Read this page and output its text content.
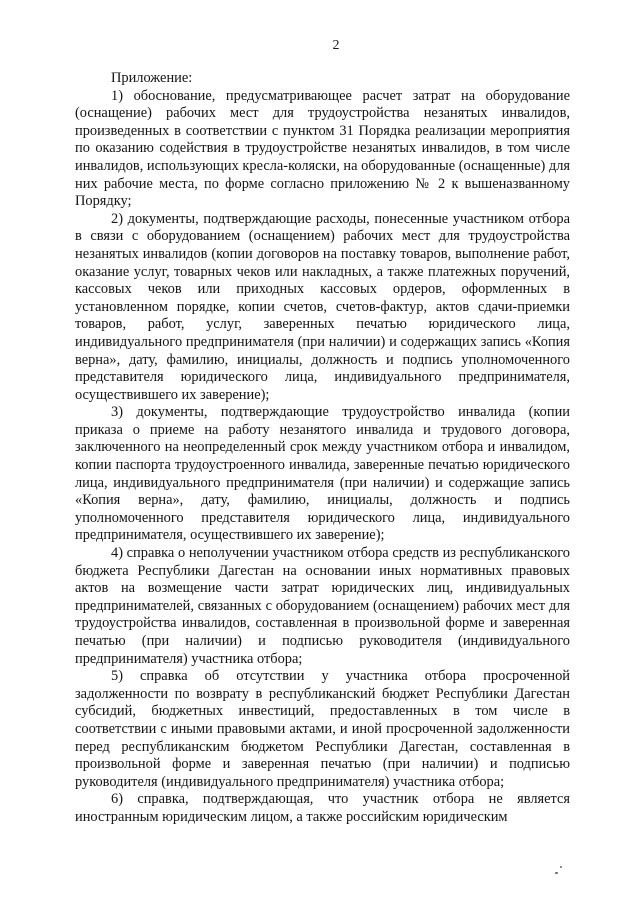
2

Приложение:

1) обоснование, предусматривающее расчет затрат на оборудование (оснащение) рабочих мест для трудоустройства незанятых инвалидов, произведенных в соответствии с пунктом 31 Порядка реализации мероприятия по оказанию содействия в трудоустройстве незанятых инвалидов, в том числе инвалидов, использующих кресла-коляски, на оборудованные (оснащенные) для них рабочие места, по форме согласно приложению № 2 к вышеназванному Порядку;

2) документы, подтверждающие расходы, понесенные участником отбора в связи с оборудованием (оснащением) рабочих мест для трудоустройства незанятых инвалидов (копии договоров на поставку товаров, выполнение работ, оказание услуг, товарных чеков или накладных, а также платежных поручений, кассовых чеков или приходных кассовых ордеров, оформленных в установленном порядке, копии счетов, счетов-фактур, актов сдачи-приемки товаров, работ, услуг, заверенных печатью юридического лица, индивидуального предпринимателя (при наличии) и содержащих запись «Копия верна», дату, фамилию, инициалы, должность и подпись уполномоченного представителя юридического лица, индивидуального предпринимателя, осуществившего их заверение);

3) документы, подтверждающие трудоустройство инвалида (копии приказа о приеме на работу незанятого инвалида и трудового договора, заключенного на неопределенный срок между участником отбора и инвалидом, копии паспорта трудоустроенного инвалида, заверенные печатью юридического лица, индивидуального предпринимателя (при наличии) и содержащие запись «Копия верна», дату, фамилию, инициалы, должность и подпись уполномоченного представителя юридического лица, индивидуального предпринимателя, осуществившего их заверение);

4) справка о неполучении участником отбора средств из республиканского бюджета Республики Дагестан на основании иных нормативных правовых актов на возмещение части затрат юридических лиц, индивидуальных предпринимателей, связанных с оборудованием (оснащением) рабочих мест для трудоустройства инвалидов, составленная в произвольной форме и заверенная печатью (при наличии) и подписью руководителя (индивидуального предпринимателя) участника отбора;

5) справка об отсутствии у участника отбора просроченной задолженности по возврату в республиканский бюджет Республики Дагестан субсидий, бюджетных инвестиций, предоставленных в том числе в соответствии с иными правовыми актами, и иной просроченной задолженности перед республиканским бюджетом Республики Дагестан, составленная в произвольной форме и заверенная печатью (при наличии) и подписью руководителя (индивидуального предпринимателя) участника отбора;

6) справка, подтверждающая, что участник отбора не является иностранным юридическим лицом, а также российским юридическим
